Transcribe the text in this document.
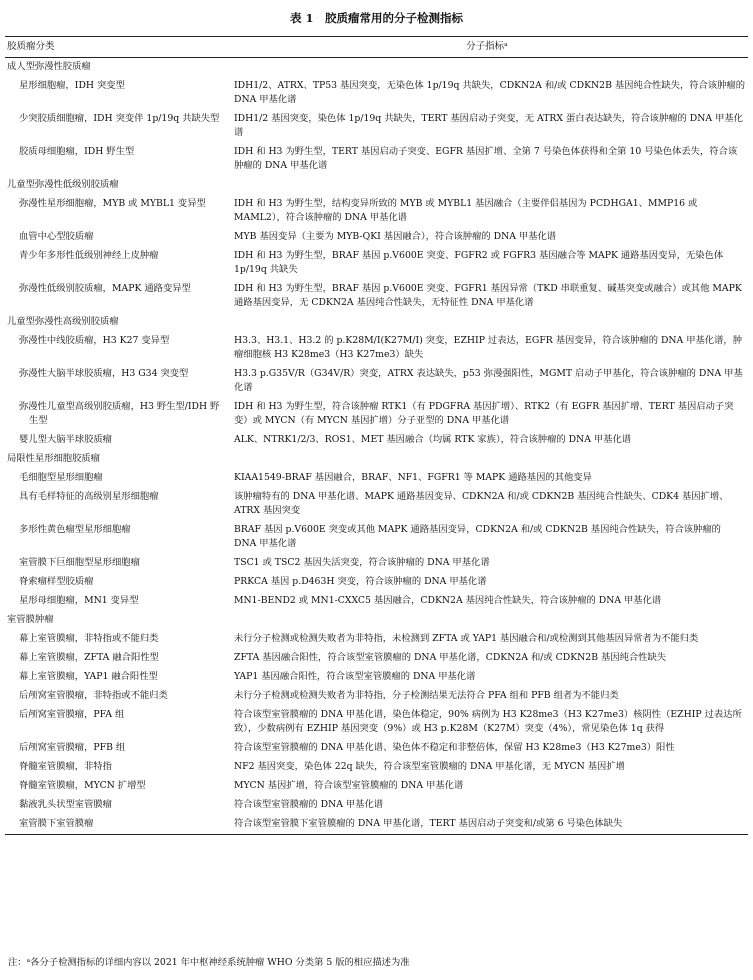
表 1　胶质瘤常用的分子检测指标
胶质瘤分类	分子指标ᵃ
成人型弥漫性胶质瘤	

星形细胞瘤，IDH 突变型	IDH1/2、ATRX、TP53 基因突变，无染色体 1p/19q 共缺失，CDKN2A 和/或 CDKN2B 基因纯合性缺失，符合该肿瘤的 DNA 甲基化谱

少突胶质细胞瘤，IDH 突变伴 1p/19q 共缺失型	IDH1/2 基因突变，染色体 1p/19q 共缺失，TERT 基因启动子突变，无 ATRX 蛋白表达缺失，符合该肿瘤的 DNA 甲基化谱

胶质母细胞瘤，IDH 野生型	IDH 和 H3 为野生型，TERT 基因启动子突变、EGFR 基因扩增、全第 7 号染色体获得和全第 10 号染色体丢失，符合该肿瘤的 DNA 甲基化谱
儿童型弥漫性低级别胶质瘤	

弥漫性星形细胞瘤，MYB 或 MYBL1 变异型	IDH 和 H3 为野生型，结构变异所致的 MYB 或 MYBL1 基因融合（主要伴侣基因为 PCDHGA1、MMP16 或 MAML2），符合该肿瘤的 DNA 甲基化谱

血管中心型胶质瘤	MYB 基因变异（主要为 MYB-QKI 基因融合），符合该肿瘤的 DNA 甲基化谱

青少年多形性低级别神经上皮肿瘤	IDH 和 H3 为野生型，BRAF 基因 p.V600E 突变、FGFR2 或 FGFR3 基因融合等 MAPK 通路基因变异，无染色体 1p/19q 共缺失

弥漫性低级别胶质瘤，MAPK 通路变异型	IDH 和 H3 为野生型，BRAF 基因 p.V600E 突变、FGFR1 基因异常（TKD 串联重复、碱基突变或融合）或其他 MAPK 通路基因变异，无 CDKN2A 基因纯合性缺失，无特征性 DNA 甲基化谱
儿童型弥漫性高级别胶质瘤	

弥漫性中线胶质瘤，H3 K27 变异型	H3.3、H3.1、H3.2 的 p.K28M/I(K27M/I) 突变，EZHIP 过表达，EGFR 基因变异，符合该肿瘤的 DNA 甲基化谱，肿瘤细胞核 H3 K28me3（H3 K27me3）缺失

弥漫性大脑半球胶质瘤，H3 G34 突变型	H3.3 p.G35V/R（G34V/R）突变，ATRX 表达缺失，p53 弥漫强阳性，MGMT 启动子甲基化，符合该肿瘤的 DNA 甲基化谱

弥漫性儿童型高级别胶质瘤，H3 野生型/IDH 野生型	IDH 和 H3 为野生型，符合该肿瘤 RTK1（有 PDGFRA 基因扩增）、RTK2（有 EGFR 基因扩增、TERT 基因启动子突变）或 MYCN（有 MYCN 基因扩增）分子亚型的 DNA 甲基化谱

婴儿型大脑半球胶质瘤	ALK、NTRK1/2/3、ROS1、MET 基因融合（均属 RTK 家族），符合该肿瘤的 DNA 甲基化谱
局限性星形细胞胶质瘤	

毛细胞型星形细胞瘤	KIAA1549-BRAF 基因融合，BRAF、NF1、FGFR1 等 MAPK 通路基因的其他变异

具有毛样特征的高级别星形细胞瘤	该肿瘤特有的 DNA 甲基化谱、MAPK 通路基因变异、CDKN2A 和/或 CDKN2B 基因纯合性缺失、CDK4 基因扩增、ATRX 基因突变

多形性黄色瘤型星形细胞瘤	BRAF 基因 p.V600E 突变或其他 MAPK 通路基因变异，CDKN2A 和/或 CDKN2B 基因纯合性缺失，符合该肿瘤的 DNA 甲基化谱

室管膜下巨细胞型星形细胞瘤	TSC1 或 TSC2 基因失活突变，符合该肿瘤的 DNA 甲基化谱

脊索瘤样型胶质瘤	PRKCA 基因 p.D463H 突变，符合该肿瘤的 DNA 甲基化谱

星形母细胞瘤，MN1 变异型	MN1-BEND2 或 MN1-CXXC5 基因融合，CDKN2A 基因纯合性缺失，符合该肿瘤的 DNA 甲基化谱
室管膜肿瘤	

幕上室管膜瘤，非特指或不能归类	未行分子检测或检测失败者为非特指，未检测到 ZFTA 或 YAP1 基因融合和/或检测到其他基因异常者为不能归类

幕上室管膜瘤，ZFTA 融合阳性型	ZFTA 基因融合阳性，符合该型室管膜瘤的 DNA 甲基化谱，CDKN2A 和/或 CDKN2B 基因纯合性缺失

幕上室管膜瘤，YAP1 融合阳性型	YAP1 基因融合阳性，符合该型室管膜瘤的 DNA 甲基化谱

后颅窝室管膜瘤，非特指或不能归类	未行分子检测或检测失败者为非特指，分子检测结果无法符合 PFA 组和 PFB 组者为不能归类

后颅窝室管膜瘤，PFA 组	符合该型室管膜瘤的 DNA 甲基化谱，染色体稳定，90% 病例为 H3 K28me3（H3 K27me3）核阴性（EZHIP 过表达所致），少数病例有 EZHIP 基因突变（9%）或 H3 p.K28M（K27M）突变（4%），常见染色体 1q 获得

后颅窝室管膜瘤，PFB 组	符合该型室管膜瘤的 DNA 甲基化谱、染色体不稳定和非整倍体，保留 H3 K28me3（H3 K27me3）阳性

脊髓室管膜瘤，非特指	NF2 基因突变，染色体 22q 缺失，符合该型室管膜瘤的 DNA 甲基化谱，无 MYCN 基因扩增

脊髓室管膜瘤，MYCN 扩增型	MYCN 基因扩增，符合该型室管膜瘤的 DNA 甲基化谱

黏液乳头状型室管膜瘤	符合该型室管膜瘤的 DNA 甲基化谱

室管膜下室管膜瘤	符合该型室管膜下室管膜瘤的 DNA 甲基化谱，TERT 基因启动子突变和/或第 6 号染色体缺失
注：ᵃ各分子检测指标的详细内容以 2021 年中枢神经系统肿瘤 WHO 分类第 5 版的相应描述为准
